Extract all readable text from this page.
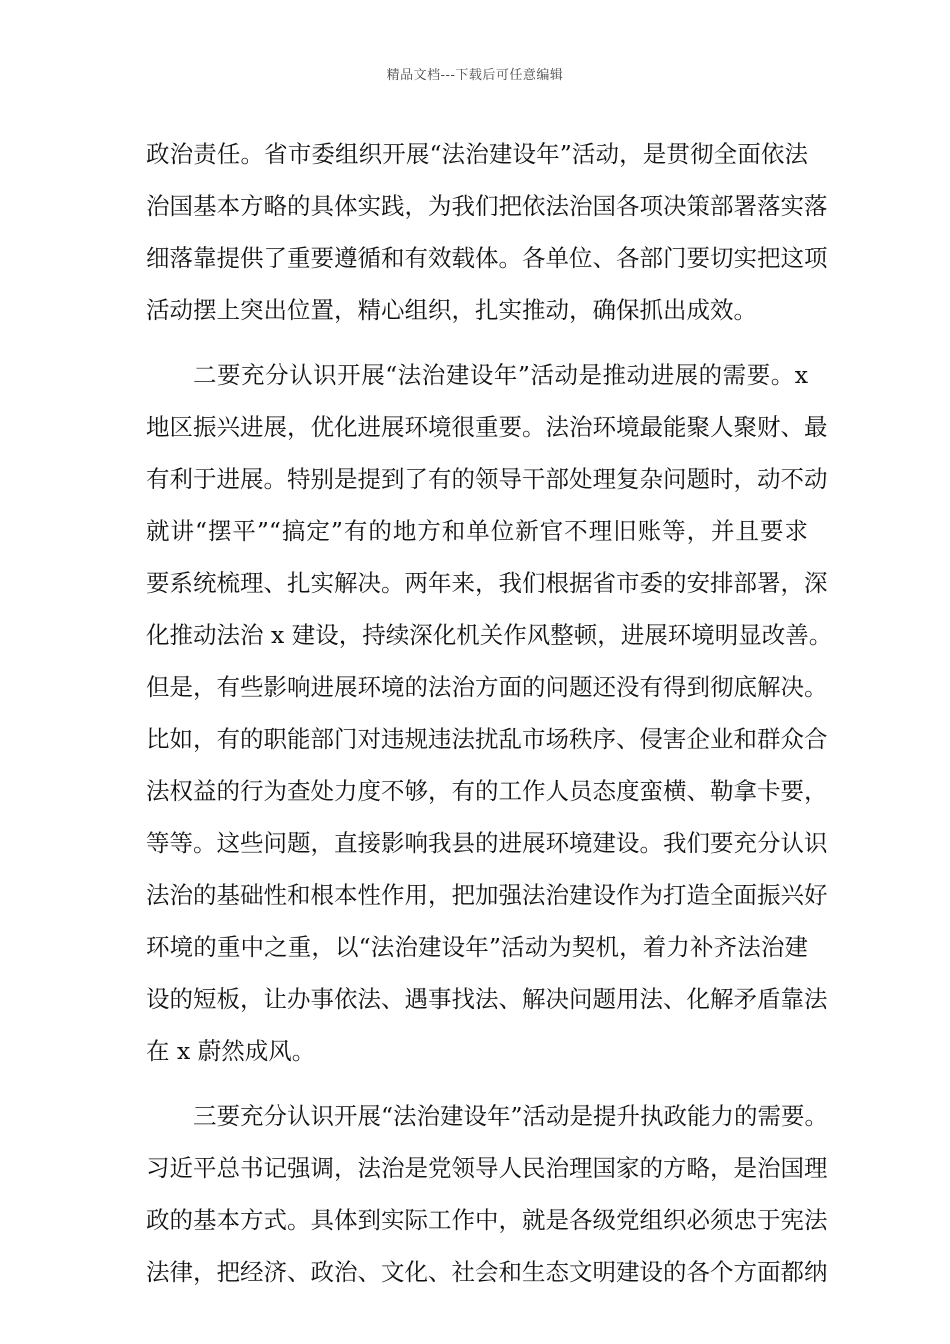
精品文档---下载后可任意编辑
政治责任。省市委组织开展“法治建设年”活动，是贯彻全面依法
治国基本方略的具体实践，为我们把依法治国各项决策部署落实落
细落靠提供了重要遵循和有效载体。各单位、各部门要切实把这项
活动摆上突出位置，精心组织，扎实推动，确保抓出成效。
二要充分认识开展“法治建设年”活动是推动进展的需要。x
地区振兴进展，优化进展环境很重要。法治环境最能聚人聚财、最
有利于进展。特别是提到了有的领导干部处理复杂问题时，动不动
就讲“摆平”“搞定”有的地方和单位新官不理旧账等，并且要求
要系统梳理、扎实解决。两年来，我们根据省市委的安排部署，深
化推动法治 x 建设，持续深化机关作风整顿，进展环境明显改善。
但是，有些影响进展环境的法治方面的问题还没有得到彻底解决。
比如，有的职能部门对违规违法扰乱市场秩序、侵害企业和群众合
法权益的行为查处力度不够，有的工作人员态度蛮横、勒拿卡要，
等等。这些问题，直接影响我县的进展环境建设。我们要充分认识
法治的基础性和根本性作用，把加强法治建设作为打造全面振兴好
环境的重中之重，以“法治建设年”活动为契机，着力补齐法治建
设的短板，让办事依法、遇事找法、解决问题用法、化解矛盾靠法
在 x 蔚然成风。
三要充分认识开展“法治建设年”活动是提升执政能力的需要。
习近平总书记强调，法治是党领导人民治理国家的方略，是治国理
政的基本方式。具体到实际工作中，就是各级党组织必须忠于宪法
法律，把经济、政治、文化、社会和生态文明建设的各个方面都纳
